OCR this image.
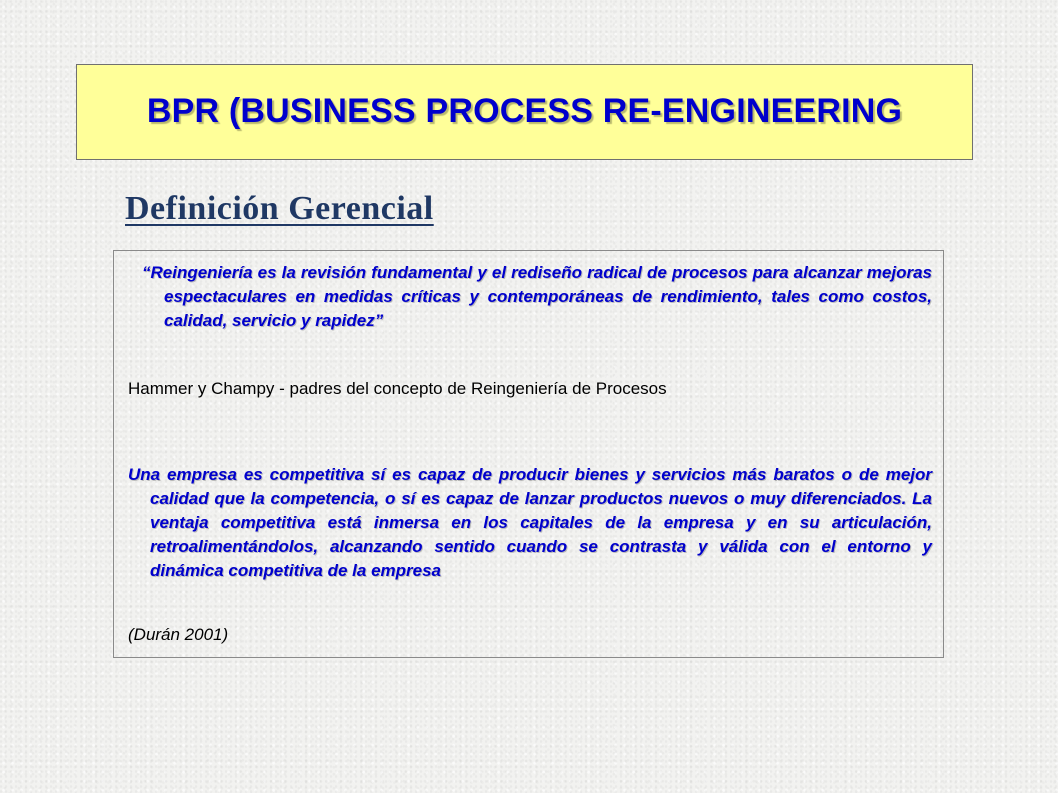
BPR (BUSINESS PROCESS RE-ENGINEERING
Definición Gerencial

“Reingeniería es la revisión fundamental y el rediseño radical de procesos para alcanzar mejoras espectaculares en medidas críticas y contemporáneas de rendimiento, tales como costos, calidad, servicio y rapidez”

Hammer y Champy - padres del concepto de Reingeniería de Procesos

Una empresa es competitiva sí es capaz de producir bienes y servicios más baratos o de mejor calidad que la competencia, o sí es capaz de lanzar productos nuevos o muy diferenciados. La ventaja competitiva está inmersa en los capitales de la empresa y en su articulación, retroalimentándolos, alcanzando sentido cuando se contrasta y válida con el entorno y dinámica competitiva de la empresa

(Durán 2001)
